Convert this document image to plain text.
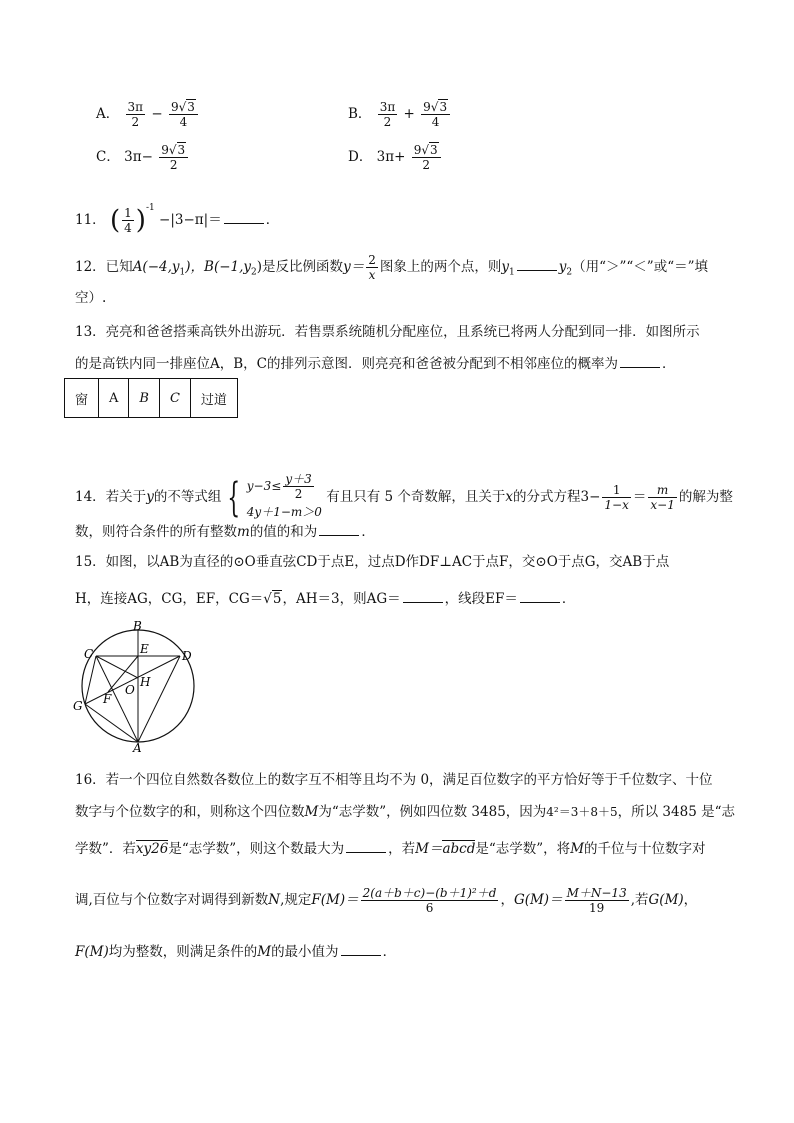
A． $\frac{3\pi}{2} - \frac{9√3}{4}$	B． $\frac{3\pi}{2} + \frac{9√3}{4}$
C． $3\pi- \frac{9√3}{2}$	D． $3\pi+ \frac{9√3}{2}$
11． ( $\frac{1}{4} )^{-1} -|3-\pi|=$	．
12．已知$A(-4,y_1)$，$B(-1,y_2)$是反比例函数$y= \frac{2}{x}$ 图象上的两个点，则$y_1$	$y_2$（用“＞”“＜”或“＝”填
空）.
13．亮亮和爸爸搭乘高铁外出游玩．若售票系统随机分配座位，且系统已将两人分配到同一排．如图所示
的是高铁内同一排座位A，B，C的排列示意图．则亮亮和爸爸被分配到不相邻座位的概率为	．
窗	A	B	C	过道
14．若关于y的不等式组 { $y-3\le \frac{y+3}{2}$
4y＋1−m＞0
有且只有 5 个奇数解，且关于x的分式方程$3- \frac{1}{1-x} = \frac{m}{x-1}$ 的解为整
数，则符合条件的所有整数m的值的和为	．
15．如图，以AB为直径的⊙O垂直弦CD于点E，过点D作DF⊥AC于点F，交⊙O于点G，交AB于点
H，连接AG，CG，EF，CG＝√5，AH＝3，则AG＝	，线段EF＝	．
B
E
C	D
H
O
F
G
A
16．若一个四位自然数各数位上的数字互不相等且均不为 0，满足百位数字的平方恰好等于千位数字、十位
数字与个位数字的和，则称这个四位数M为“志学数”，例如四位数 3485，因为4²＝3＋8＋5，所以 3485 是“志
学数”．若xy26是“志学数”，则这个数最大为	，若M＝abcd是“志学数”，将M的千位与十位数字对
调,百位与个位数字对调得到新数N,规定$F(M)= \frac{\text{2(a＋b＋c)−(b＋1)²＋d}}{6}$ ，$G(M)= \frac{M+N-13}{19}$ ,若G(M)，
F(M)均为整数，则满足条件的M的最小值为	．
